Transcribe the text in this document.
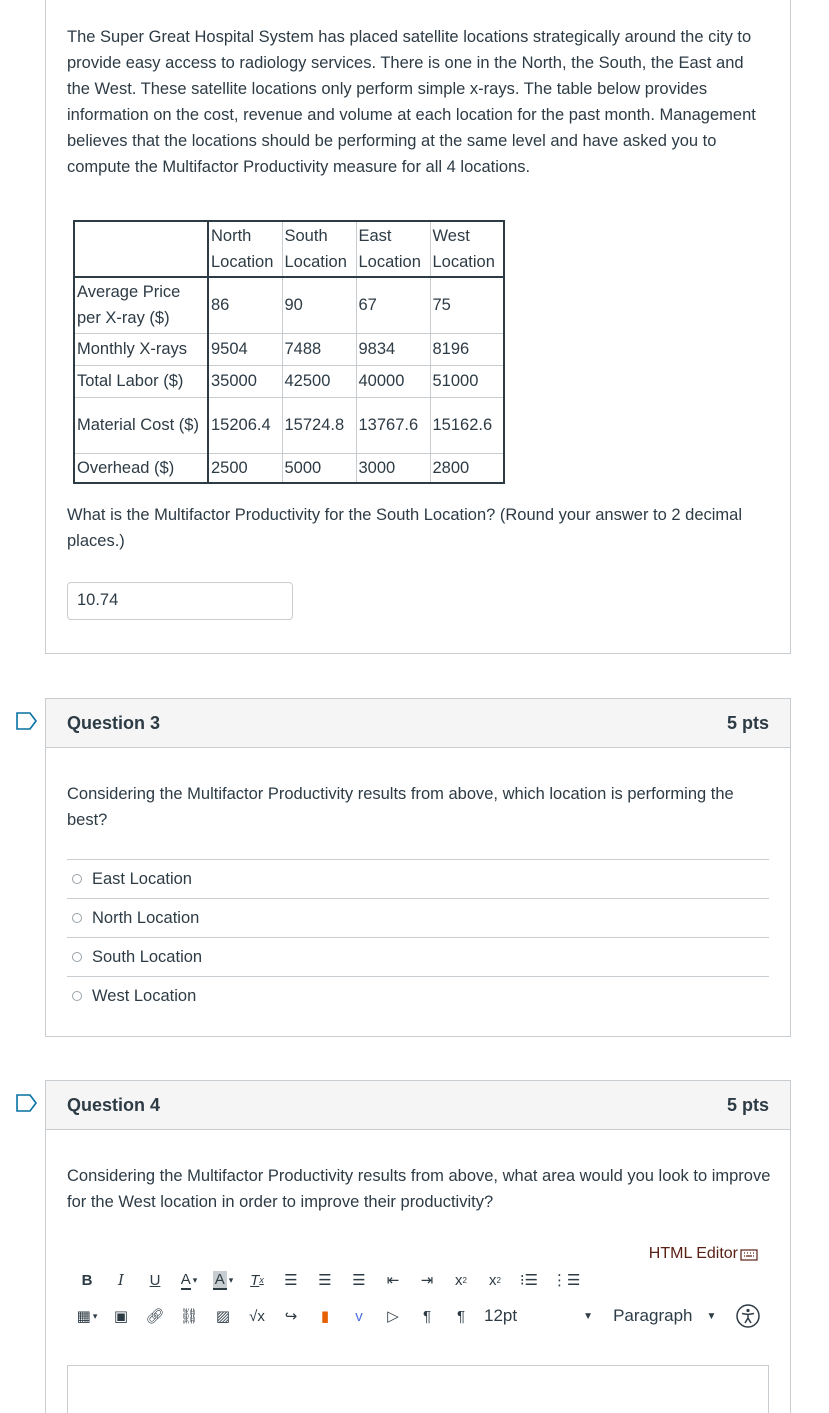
The Super Great Hospital System has placed satellite locations strategically around the city to provide easy access to radiology services. There is one in the North, the South, the East and the West. These satellite locations only perform simple x-rays. The table below provides information on the cost, revenue and volume at each location for the past month. Management believes that the locations should be performing at the same level and have asked you to compute the Multifactor Productivity measure for all 4 locations.
	North Location	South Location	East Location	West Location
Average Price per X-ray ($)	86	90	67	75
Monthly X-rays	9504	7488	9834	8196
Total Labor ($)	35000	42500	40000	51000
Material Cost ($)	15206.4	15724.8	13767.6	15162.6
Overhead ($)	2500	5000	3000	2800
What is the Multifactor Productivity for the South Location? (Round your answer to 2 decimal places.)
10.74
Question 3	5 pts
Considering the Multifactor Productivity results from above, which location is performing the best?
East Location
North Location
South Location
West Location
Question 4	5 pts
Considering the Multifactor Productivity results from above, what area would you look to improve for the West location in order to improve their productivity?
HTML Editor
B	I	U	A ▾ A ▾ T x ☰ ☰ ☰	⇤	⇥	x 2	x 2 ⁝☰ ⋮☰
▦ ▾ ▣ 🔗︎ ⛓ ▨ √x	↪	▮	v	▷	¶	¶	12pt	▼	Paragraph	▼
